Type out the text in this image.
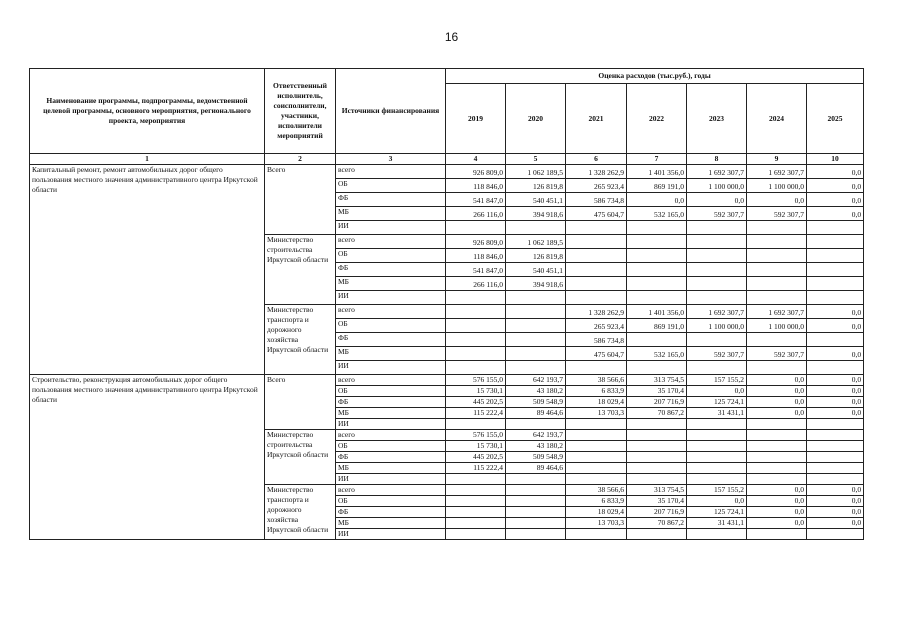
16
Наименование программы, подпрограммы, ведомственной целевой программы, основного мероприятия, регионального проекта, мероприятия	Ответственный исполнитель, соисполнители, участники, исполнители мероприятий	Источники финансирования	Оценка расходов (тыс.руб.), годы						
			2019	2020	2021	2022	2023	2024	2025
1	2	3	4	5	6	7	8	9	10
Капитальный ремонт, ремонт автомобильных дорог общего пользования местного значения административного центра Иркутской области	Всего	всего	926 809,0	1 062 189,5	1 328 262,9	1 401 356,0	1 692 307,7	1 692 307,7	0,0
		ОБ	118 846,0	126 819,8	265 923,4	869 191,0	1 100 000,0	1 100 000,0	0,0
		ФБ	541 847,0	540 451,1	586 734,8	0,0	0,0	0,0	0,0
		МБ	266 116,0	394 918,6	475 604,7	532 165,0	592 307,7	592 307,7	0,0
		ИИ							
	Министерство строительства Иркутской области	всего	926 809,0	1 062 189,5					
		ОБ	118 846,0	126 819,8					
		ФБ	541 847,0	540 451,1					
		МБ	266 116,0	394 918,6					
		ИИ							
	Министерство транспорта и дорожного хозяйства Иркутской области	всего			1 328 262,9	1 401 356,0	1 692 307,7	1 692 307,7	0,0
		ОБ			265 923,4	869 191,0	1 100 000,0	1 100 000,0	0,0
		ФБ			586 734,8				
		МБ			475 604,7	532 165,0	592 307,7	592 307,7	0,0
		ИИ							
Строительство, реконструкция автомобильных дорог общего пользования местного значения административного центра Иркутской области	Всего	всего	576 155,0	642 193,7	38 566,6	313 754,5	157 155,2	0,0	0,0
		ОБ	15 730,1	43 180,2	6 833,9	35 170,4	0,0	0,0	0,0
		ФБ	445 202,5	509 548,9	18 029,4	207 716,9	125 724,1	0,0	0,0
		МБ	115 222,4	89 464,6	13 703,3	70 867,2	31 431,1	0,0	0,0
		ИИ							
	Министерство строительства Иркутской области	всего	576 155,0	642 193,7					
		ОБ	15 730,1	43 180,2					
		ФБ	445 202,5	509 548,9					
		МБ	115 222,4	89 464,6					
		ИИ							
	Министерство транспорта и дорожного хозяйства Иркутской области	всего			38 566,6	313 754,5	157 155,2	0,0	0,0
		ОБ			6 833,9	35 170,4	0,0	0,0	0,0
		ФБ			18 029,4	207 716,9	125 724,1	0,0	0,0
		МБ			13 703,3	70 867,2	31 431,1	0,0	0,0
		ИИ							
